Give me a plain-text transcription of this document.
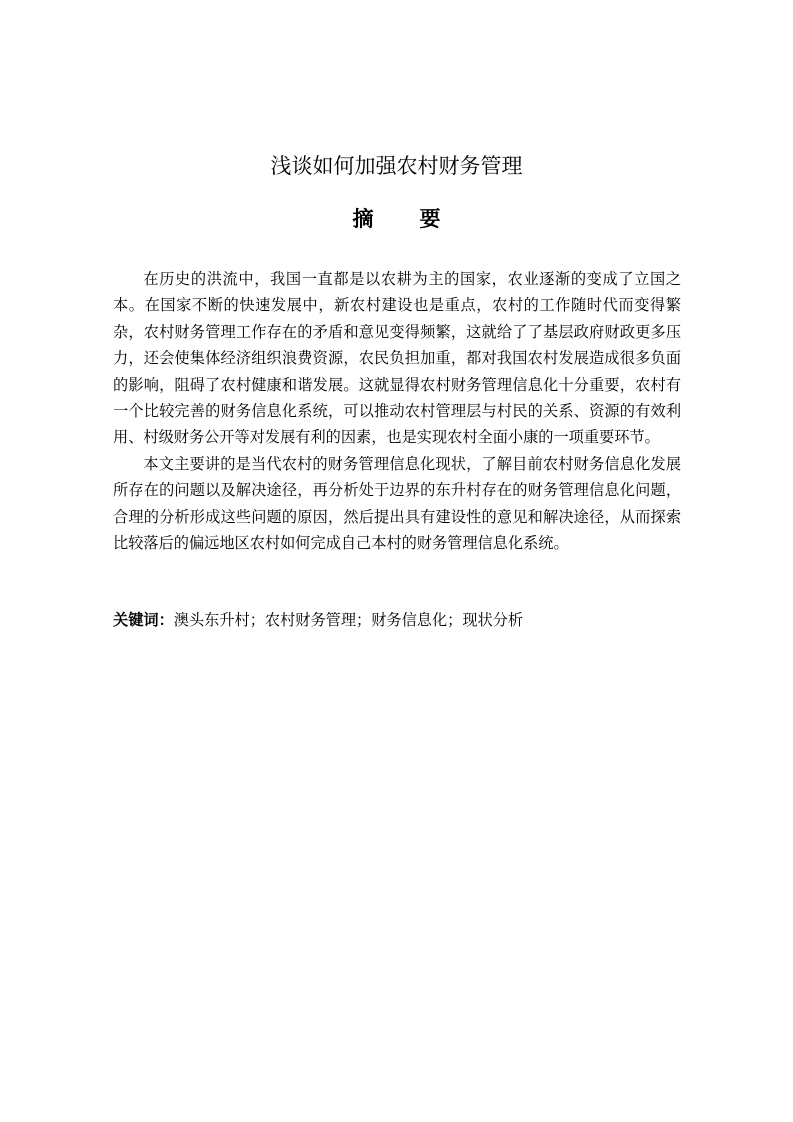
浅谈如何加强农村财务管理
摘 要

在历史的洪流中，我国一直都是以农耕为主的国家，农业逐渐的变成了立国之本。在国家不断的快速发展中，新农村建设也是重点，农村的工作随时代而变得繁杂，农村财务管理工作存在的矛盾和意见变得频繁，这就给了了基层政府财政更多压力，还会使集体经济组织浪费资源，农民负担加重，都对我国农村发展造成很多负面的影响，阻碍了农村健康和谐发展。这就显得农村财务管理信息化十分重要，农村有一个比较完善的财务信息化系统，可以推动农村管理层与村民的关系、资源的有效利用、村级财务公开等对发展有利的因素，也是实现农村全面小康的一项重要环节。

本文主要讲的是当代农村的财务管理信息化现状，了解目前农村财务信息化发展所存在的问题以及解决途径，再分析处于边界的东升村存在的财务管理信息化问题，合理的分析形成这些问题的原因，然后提出具有建设性的意见和解决途径，从而探索比较落后的偏远地区农村如何完成自己本村的财务管理信息化系统。

关键词：澳头东升村；农村财务管理；财务信息化；现状分析
